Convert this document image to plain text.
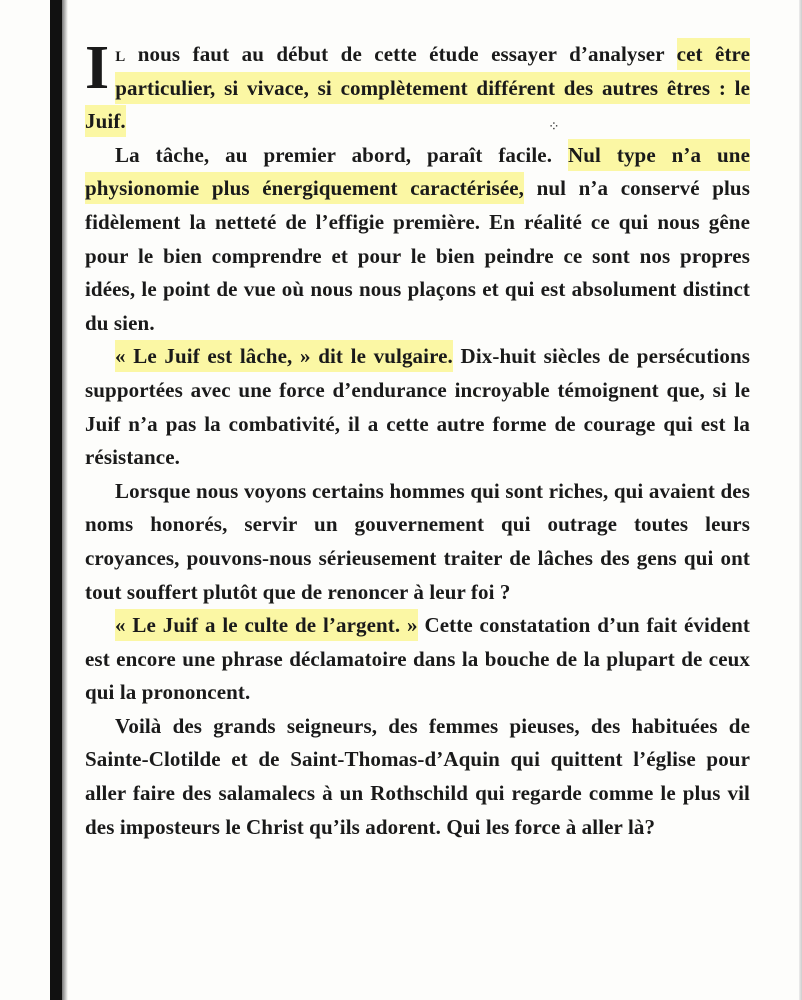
⁘

Il nous faut au début de cette étude essayer d’analyser cet être particulier, si vivace, si complètement différent des autres êtres : le Juif.

La tâche, au premier abord, paraît facile. Nul type n’a une physionomie plus énergiquement caractérisée, nul n’a conservé plus fidèlement la netteté de l’effigie première. En réalité ce qui nous gêne pour le bien comprendre et pour le bien peindre ce sont nos propres idées, le point de vue où nous nous plaçons et qui est absolument distinct du sien.

« Le Juif est lâche, » dit le vulgaire. Dix-huit siècles de persécutions supportées avec une force d’endurance incroyable témoignent que, si le Juif n’a pas la combativité, il a cette autre forme de courage qui est la résistance.

Lorsque nous voyons certains hommes qui sont riches, qui avaient des noms honorés, servir un gouvernement qui outrage toutes leurs croyances, pouvons-nous sérieusement traiter de lâches des gens qui ont tout souffert plutôt que de renoncer à leur foi ?

« Le Juif a le culte de l’argent. » Cette constatation d’un fait évident est encore une phrase déclamatoire dans la bouche de la plupart de ceux qui la prononcent.

Voilà des grands seigneurs, des femmes pieuses, des habituées de Sainte-Clotilde et de Saint-Thomas-d’Aquin qui quittent l’église pour aller faire des salamalecs à un Rothschild qui regarde comme le plus vil des imposteurs le Christ qu’ils adorent. Qui les force à aller là?
